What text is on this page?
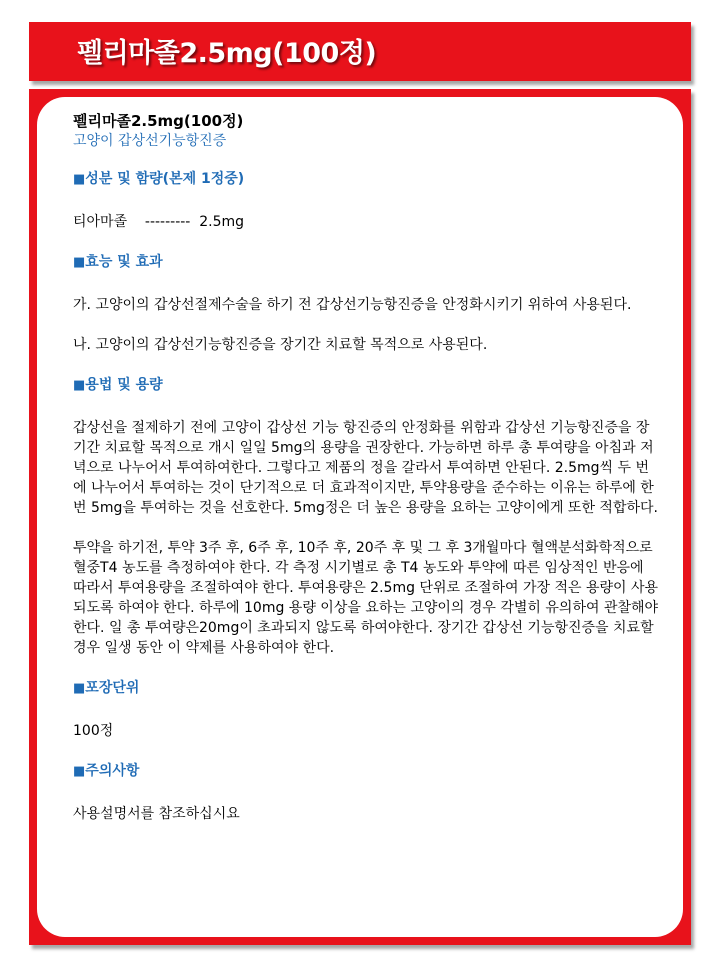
펠리마졸2.5mg(100정)

펠리마졸2.5mg(100정)

고양이 갑상선기능항진증

■성분 및 함량(본제 1정중)

티아마졸    ---------  2.5mg

■효능 및 효과

가. 고양이의 갑상선절제수술을 하기 전 갑상선기능항진증을 안정화시키기 위하여 사용된다.

나. 고양이의 갑상선기능항진증을 장기간 치료할 목적으로 사용된다.

■용법 및 용량

갑상선을 절제하기 전에 고양이 갑상선 기능 항진증의 안정화를 위함과 갑상선 기능항진증을 장기간 치료할 목적으로 개시 일일 5mg의 용량을 권장한다. 가능하면 하루 총 투여량을 아침과 저녁으로 나누어서 투여하여한다. 그렇다고 제품의 정을 갈라서 투여하면 안된다. 2.5mg씩 두 번에 나누어서 투여하는 것이 단기적으로 더 효과적이지만, 투약용량을 준수하는 이유는 하루에 한번 5mg을 투여하는 것을 선호한다. 5mg정은 더 높은 용량을 요하는 고양이에게 또한 적합하다.

투약을 하기전, 투약 3주 후, 6주 후, 10주 후, 20주 후 및 그 후 3개월마다 혈액분석화학적으로 혈중T4 농도를 측정하여야 한다. 각 측정 시기별로 총 T4 농도와 투약에 따른 임상적인 반응에 따라서 투여용량을 조절하여야 한다. 투여용량은 2.5mg 단위로 조절하여 가장 적은 용량이 사용 되도록 하여야 한다. 하루에 10mg 용량 이상을 요하는 고양이의 경우 각별히 유의하여 관찰해야 한다. 일 총 투여량은20mg이 초과되지 않도록 하여야한다. 장기간 갑상선 기능항진증을 치료할 경우 일생 동안 이 약제를 사용하여야 한다.

■포장단위

100정

■주의사항

사용설명서를 참조하십시요
